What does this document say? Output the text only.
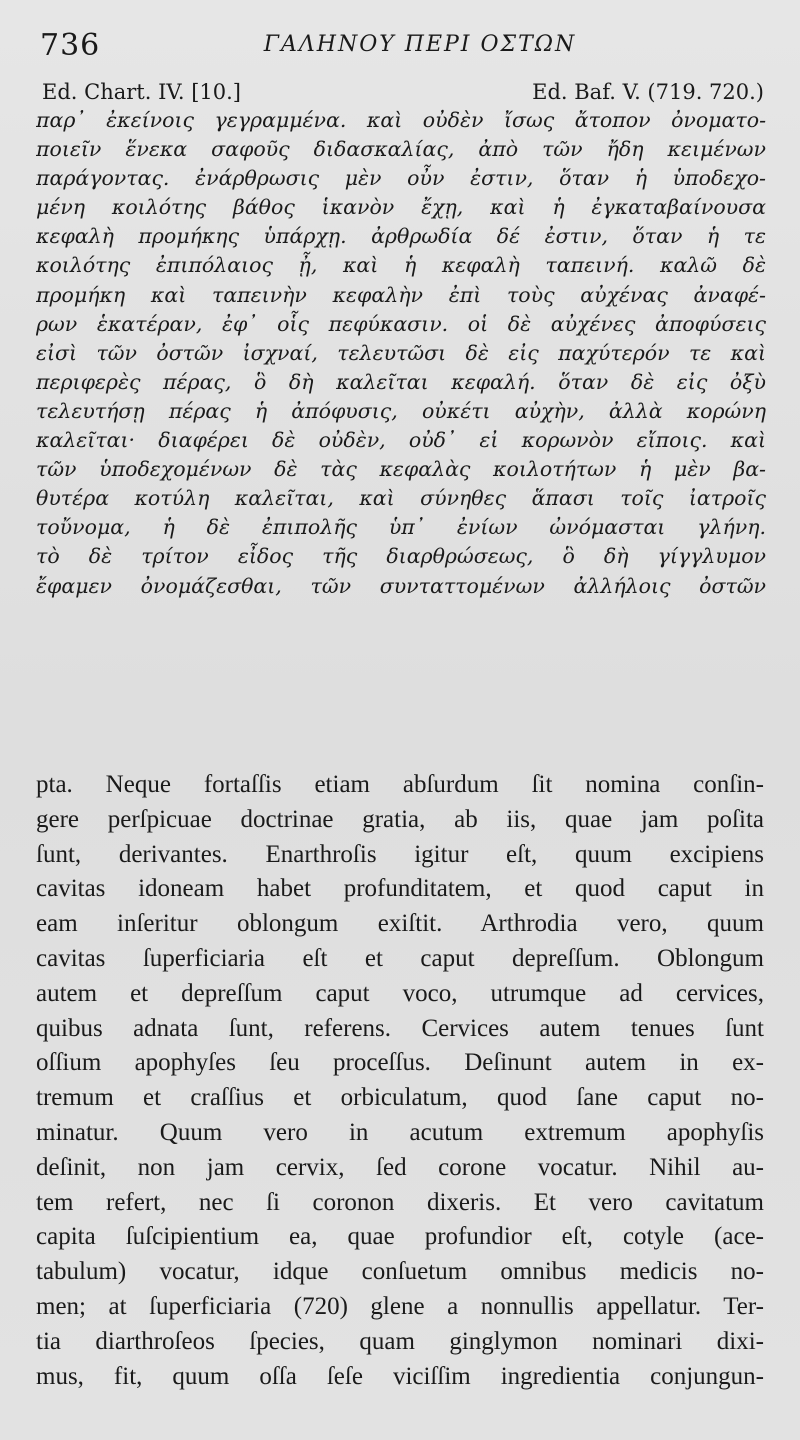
736	ΓΑΛΗΝΟΥ ΠΕΡΙ ΟΣΤΩΝ
Ed. Chart. IV. [10.]	Ed. Baf. V. (719. 720.)
παρ᾽ ἐκείνοις γεγραμμένα. καὶ οὐδὲν ἴσως ἄτοπον ὀνοματο-
ποιεῖν ἕνεκα σαφοῦς διδασκαλίας, ἀπὸ τῶν ἤδη κειμένων
παράγοντας. ἐνάρθρωσις μὲν οὖν ἐστιν, ὅταν ἡ ὑποδεχο-
μένη κοιλότης βάθος ἱκανὸν ἔχῃ, καὶ ἡ ἐγκαταβαίνουσα
κεφαλὴ προμήκης ὑπάρχῃ. ἀρθρωδία δέ ἐστιν, ὅταν ἡ τε
κοιλότης ἐπιπόλαιος ᾖ, καὶ ἡ κεφαλὴ ταπεινή. καλῶ δὲ
προμήκη καὶ ταπεινὴν κεφαλὴν ἐπὶ τοὺς αὐχένας ἀναφέ-
ρων ἑκατέραν, ἐφ᾽ οἷς πεφύκασιν. οἱ δὲ αὐχένες ἀποφύσεις
εἰσὶ τῶν ὀστῶν ἰσχναί, τελευτῶσι δὲ εἰς παχύτερόν τε καὶ
περιφερὲς πέρας, ὃ δὴ καλεῖται κεφαλή. ὅταν δὲ εἰς ὀξὺ
τελευτήσῃ πέρας ἡ ἀπόφυσις, οὐκέτι αὐχὴν, ἀλλὰ κορώνη
καλεῖται· διαφέρει δὲ οὐδὲν, οὐδ᾽ εἰ κορωνὸν εἴποις. καὶ
τῶν ὑποδεχομένων δὲ τὰς κεφαλὰς κοιλοτήτων ἡ μὲν βα-
θυτέρα κοτύλη καλεῖται, καὶ σύνηθες ἅπασι τοῖς ἰατροῖς
τοὔνομα, ἡ δὲ ἐπιπολῆς ὑπ᾽ ἐνίων ὠνόμασται γλήνη.
τὸ δὲ τρίτον εἶδος τῆς διαρθρώσεως, ὃ δὴ γίγγλυμον
ἔφαμεν ὀνομάζεσθαι, τῶν συνταττομένων ἀλλήλοις ὀστῶν
pta. Neque fortaſſis etiam abſurdum ſit nomina conſin-
gere perſpicuae doctrinae gratia, ab iis, quae jam poſita
ſunt, derivantes. Enarthroſis igitur eſt, quum excipiens
cavitas idoneam habet profunditatem, et quod caput in
eam inſeritur oblongum exiſtit. Arthrodia vero, quum
cavitas ſuperficiaria eſt et caput depreſſum. Oblongum
autem et depreſſum caput voco, utrumque ad cervices,
quibus adnata ſunt, referens. Cervices autem tenues ſunt
oſſium apophyſes ſeu proceſſus. Deſinunt autem in ex-
tremum et craſſius et orbiculatum, quod ſane caput no-
minatur. Quum vero in acutum extremum apophyſis
deſinit, non jam cervix, ſed corone vocatur. Nihil au-
tem refert, nec ſi coronon dixeris. Et vero cavitatum
capita ſuſcipientium ea, quae profundior eſt, cotyle (ace-
tabulum) vocatur, idque conſuetum omnibus medicis no-
men; at ſuperficiaria (720) glene a nonnullis appellatur. Ter-
tia diarthroſeos ſpecies, quam ginglymon nominari dixi-
mus, fit, quum oſſa ſeſe viciſſim ingredientia conjungun-
